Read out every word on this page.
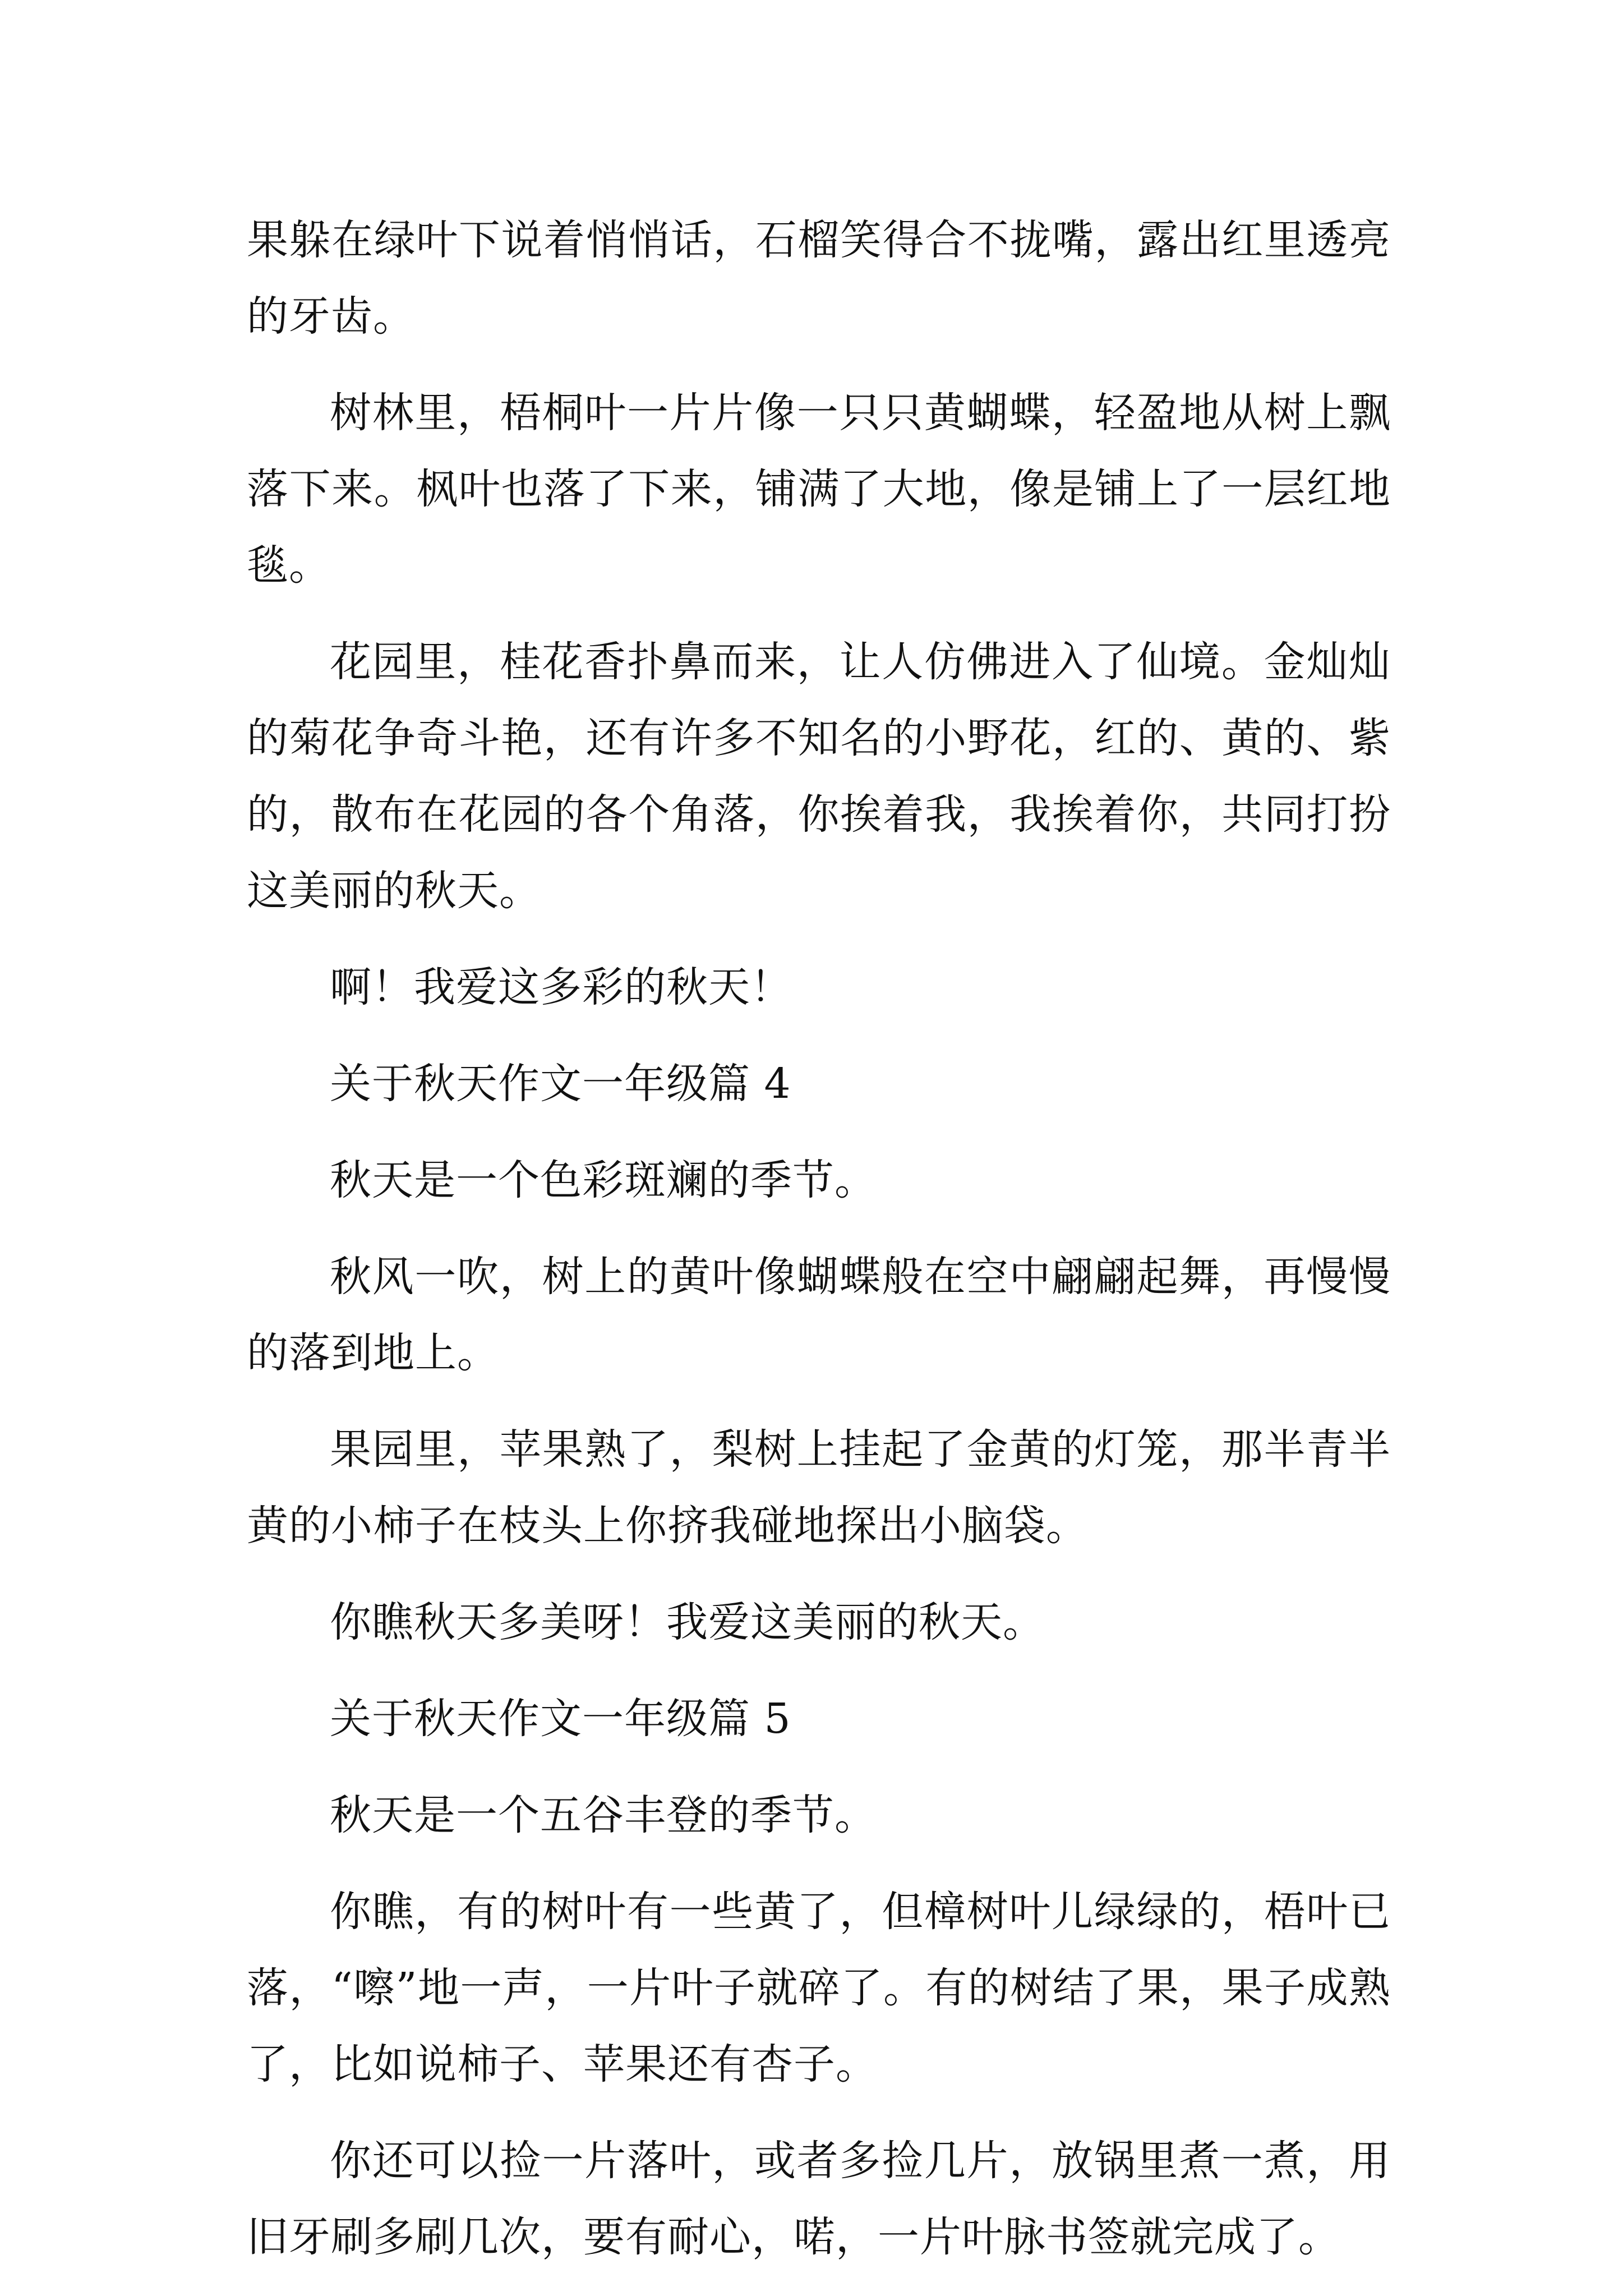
果躲在绿叶下说着悄悄话，石榴笑得合不拢嘴，露出红里透亮的牙齿。

树林里，梧桐叶一片片像一只只黄蝴蝶，轻盈地从树上飘落下来。枫叶也落了下来，铺满了大地，像是铺上了一层红地毯。

花园里，桂花香扑鼻而来，让人仿佛进入了仙境。金灿灿的菊花争奇斗艳，还有许多不知名的小野花，红的、黄的、紫的，散布在花园的各个角落，你挨着我，我挨着你，共同打扮这美丽的秋天。

啊！我爱这多彩的秋天！

关于秋天作文一年级篇 4

秋天是一个色彩斑斓的季节。

秋风一吹，树上的黄叶像蝴蝶般在空中翩翩起舞，再慢慢的落到地上。

果园里，苹果熟了，梨树上挂起了金黄的灯笼，那半青半黄的小柿子在枝头上你挤我碰地探出小脑袋。

你瞧秋天多美呀！我爱这美丽的秋天。

关于秋天作文一年级篇 5

秋天是一个五谷丰登的季节。

你瞧，有的树叶有一些黄了，但樟树叶儿绿绿的，梧叶已落，“嚓”地一声，一片叶子就碎了。有的树结了果，果子成熟了，比如说柿子、苹果还有杏子。

你还可以捡一片落叶，或者多捡几片，放锅里煮一煮，用旧牙刷多刷几次，要有耐心，喏，一片叶脉书签就完成了。
